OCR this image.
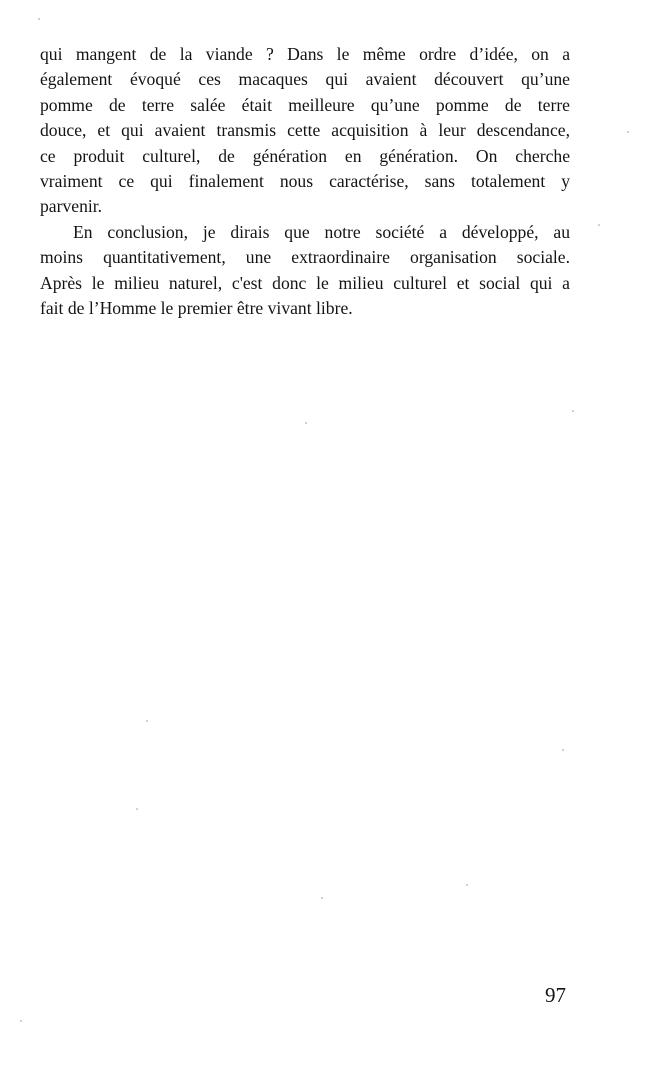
qui mangent de la viande ? Dans le même ordre d’idée, on a
également évoqué ces macaques qui avaient découvert qu’une
pomme de terre salée était meilleure qu’une pomme de terre
douce, et qui avaient transmis cette acquisition à leur descendance,
ce produit culturel, de génération en génération. On cherche
vraiment ce qui finalement nous caractérise, sans totalement y
parvenir.
En conclusion, je dirais que notre société a développé, au
moins quantitativement, une extraordinaire organisation sociale.
Après le milieu naturel, c'est donc le milieu culturel et social qui a
fait de l’Homme le premier être vivant libre.
97
